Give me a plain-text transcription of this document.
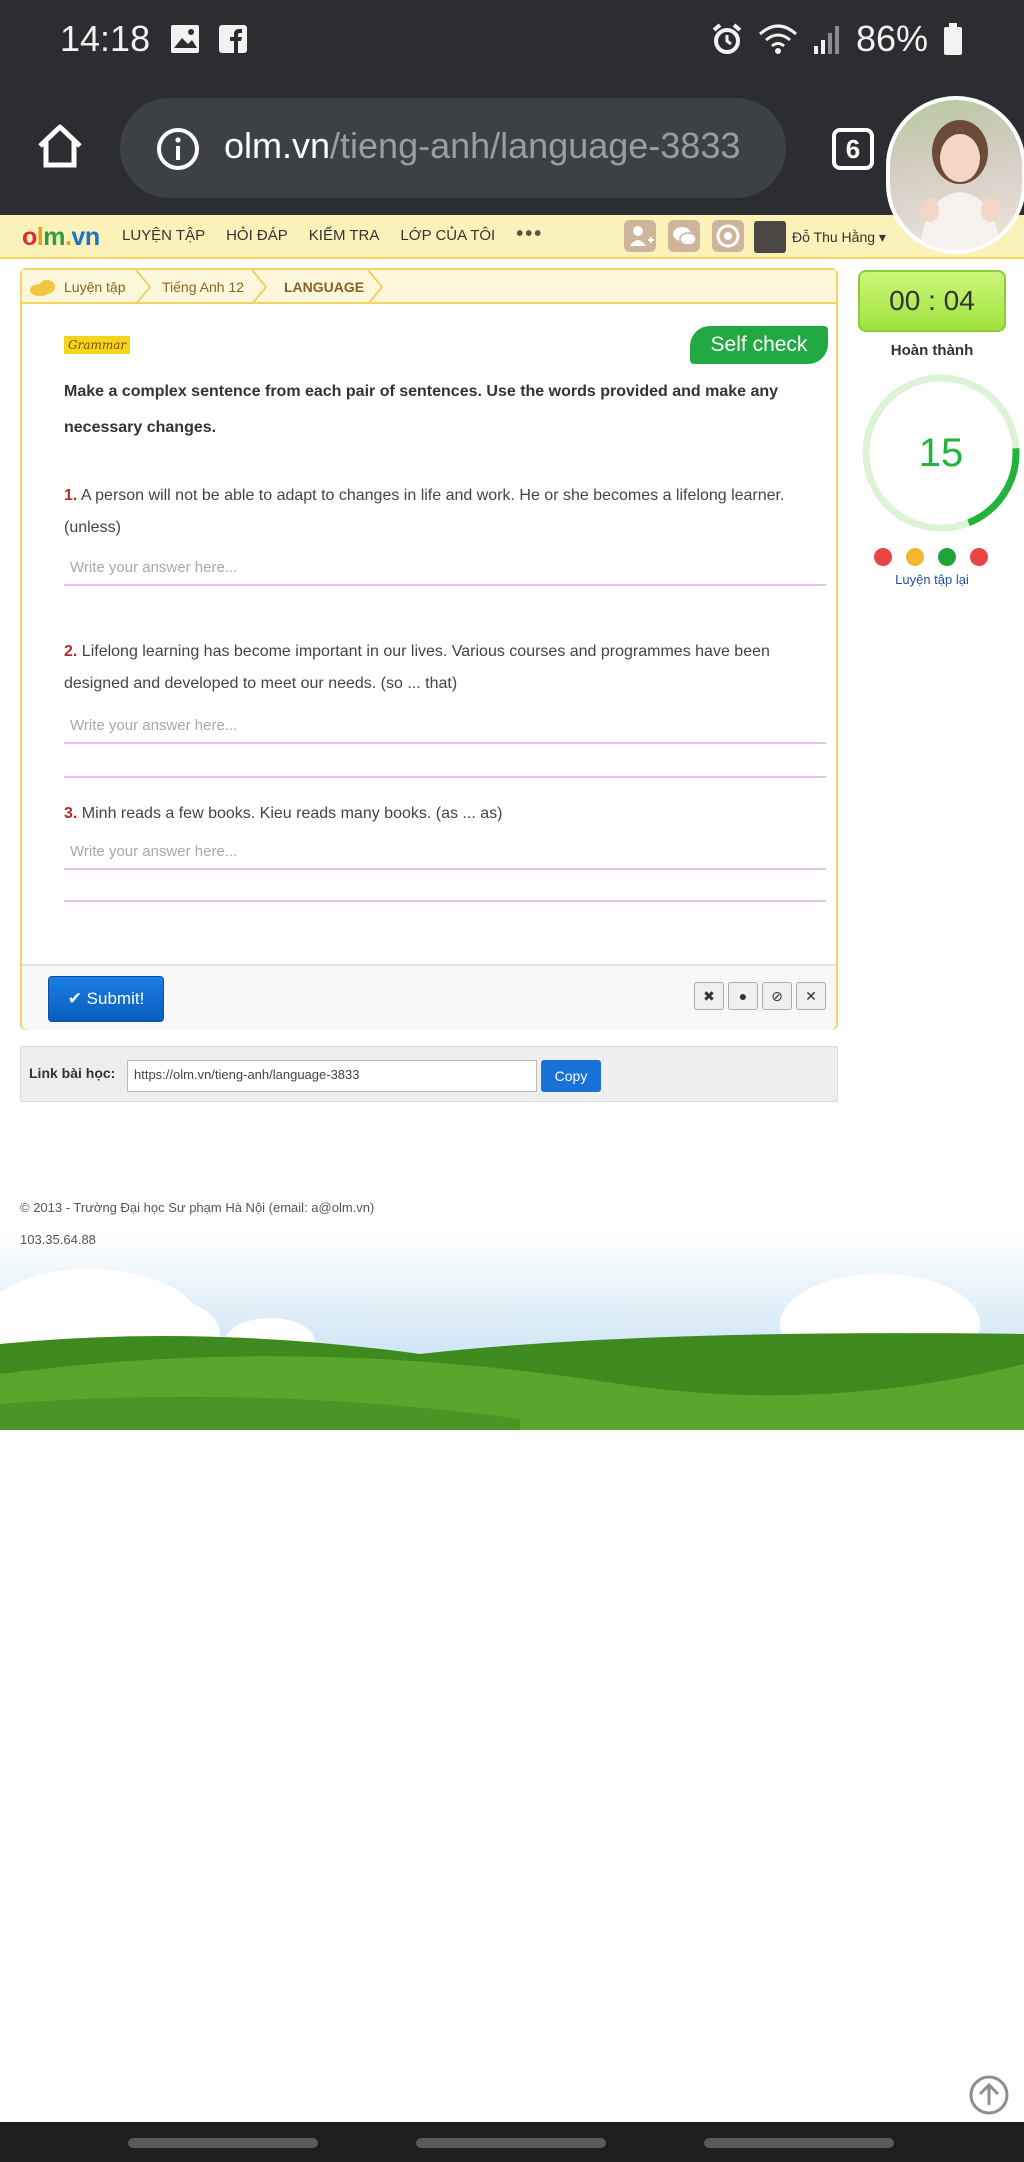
14:18	86%
olm.vn/tieng-anh/language-3833	6
olm.vn LUYỆN TẬP HỎI ĐÁP KIỂM TRA LỚP CỦA TÔI •••	Đỗ Thu Hằng ▾
Luyện tập	Tiếng Anh 12	LANGUAGE
Grammar	Self check
Make a complex sentence from each pair of sentences. Use the words provided and make any necessary changes.
1. A person will not be able to adapt to changes in life and work. He or she becomes a lifelong learner. (unless)
Write your answer here...
2. Lifelong learning has become important in our lives. Various courses and programmes have been designed and developed to meet our needs. (so ... that)
Write your answer here...
3. Minh reads a few books. Kieu reads many books. (as ... as)
Write your answer here...
✔ Submit!	✖	●	⊘	✕
Link bài học:	https://olm.vn/tieng-anh/language-3833	Copy
00 : 04
Hoàn thành
15
Luyện tập lại
© 2013 - Trường Đại học Sư phạm Hà Nội (email: a@olm.vn)
103.35.64.88
